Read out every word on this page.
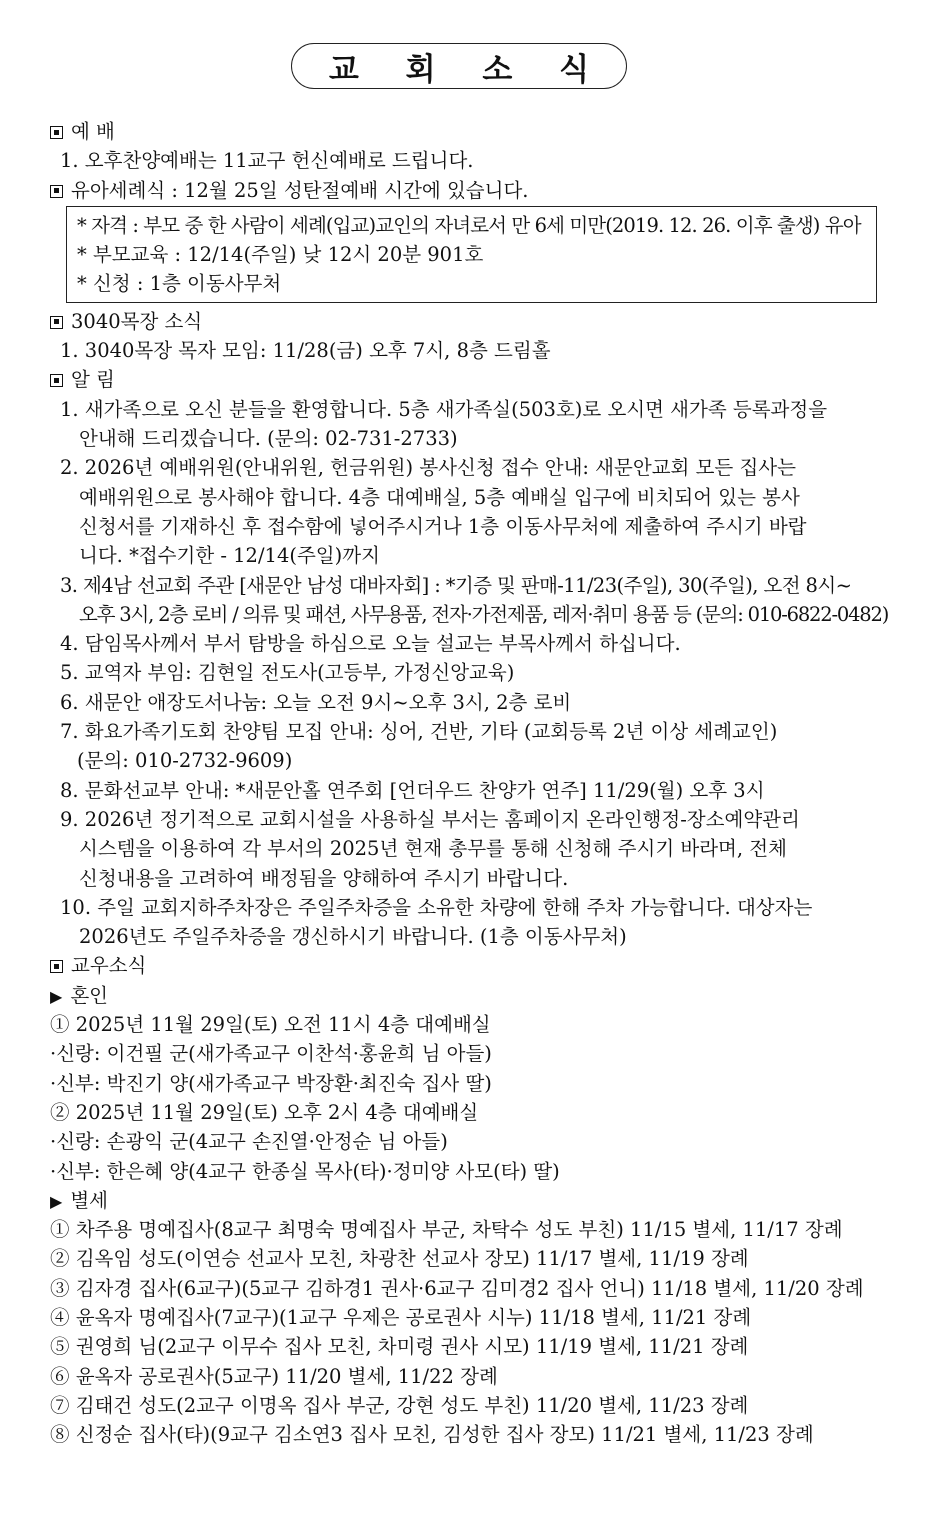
교 회 소 식
예 배
1. 오후찬양예배는 11교구 헌신예배로 드립니다.
유아세례식 : 12월 25일 성탄절예배 시간에 있습니다.
* 자격 : 부모 중 한 사람이 세례(입교)교인의 자녀로서 만 6세 미만(2019. 12. 26. 이후 출생) 유아
* 부모교육 : 12/14(주일) 낮 12시 20분 901호
* 신청 : 1층 이동사무처
3040목장 소식
1. 3040목장 목자 모임: 11/28(금) 오후 7시, 8층 드림홀
알 림
1. 새가족으로 오신 분들을 환영합니다. 5층 새가족실(503호)로 오시면 새가족 등록과정을
안내해 드리겠습니다. (문의: 02-731-2733)
2. 2026년 예배위원(안내위원, 헌금위원) 봉사신청 접수 안내: 새문안교회 모든 집사는
예배위원으로 봉사해야 합니다. 4층 대예배실, 5층 예배실 입구에 비치되어 있는 봉사
신청서를 기재하신 후 접수함에 넣어주시거나 1층 이동사무처에 제출하여 주시기 바랍
니다. *접수기한 - 12/14(주일)까지
3. 제4남 선교회 주관 [새문안 남성 대바자회] : *기증 및 판매-11/23(주일), 30(주일), 오전 8시~
오후 3시, 2층 로비 / 의류 및 패션, 사무용품, 전자·가전제품, 레저·취미 용품 등 (문의: 010-6822-0482)
4. 담임목사께서 부서 탐방을 하심으로 오늘 설교는 부목사께서 하십니다.
5. 교역자 부임: 김현일 전도사(고등부, 가정신앙교육)
6. 새문안 애장도서나눔: 오늘 오전 9시~오후 3시, 2층 로비
7. 화요가족기도회 찬양팀 모집 안내: 싱어, 건반, 기타 (교회등록 2년 이상 세례교인)
(문의: 010-2732-9609)
8. 문화선교부 안내: *새문안홀 연주회 [언더우드 찬양가 연주] 11/29(월) 오후 3시
9. 2026년 정기적으로 교회시설을 사용하실 부서는 홈페이지 온라인행정-장소예약관리
시스템을 이용하여 각 부서의 2025년 현재 총무를 통해 신청해 주시기 바라며, 전체
신청내용을 고려하여 배정됨을 양해하여 주시기 바랍니다.
10. 주일 교회지하주차장은 주일주차증을 소유한 차량에 한해 주차 가능합니다. 대상자는
2026년도 주일주차증을 갱신하시기 바랍니다. (1층 이동사무처)
교우소식
▶ 혼인
① 2025년 11월 29일(토) 오전 11시 4층 대예배실
·신랑: 이건필 군(새가족교구 이찬석·홍윤희 님 아들)
·신부: 박진기 양(새가족교구 박장환·최진숙 집사 딸)
② 2025년 11월 29일(토) 오후 2시 4층 대예배실
·신랑: 손광익 군(4교구 손진열·안정순 님 아들)
·신부: 한은혜 양(4교구 한종실 목사(타)·정미양 사모(타) 딸)
▶ 별세
① 차주용 명예집사(8교구 최명숙 명예집사 부군, 차탁수 성도 부친) 11/15 별세, 11/17 장례
② 김옥임 성도(이연승 선교사 모친, 차광찬 선교사 장모) 11/17 별세, 11/19 장례
③ 김자경 집사(6교구)(5교구 김하경1 권사·6교구 김미경2 집사 언니) 11/18 별세, 11/20 장례
④ 윤옥자 명예집사(7교구)(1교구 우제은 공로권사 시누) 11/18 별세, 11/21 장례
⑤ 권영희 님(2교구 이무수 집사 모친, 차미령 권사 시모) 11/19 별세, 11/21 장례
⑥ 윤옥자 공로권사(5교구) 11/20 별세, 11/22 장례
⑦ 김태건 성도(2교구 이명옥 집사 부군, 강현 성도 부친) 11/20 별세, 11/23 장례
⑧ 신정순 집사(타)(9교구 김소연3 집사 모친, 김성한 집사 장모) 11/21 별세, 11/23 장례
